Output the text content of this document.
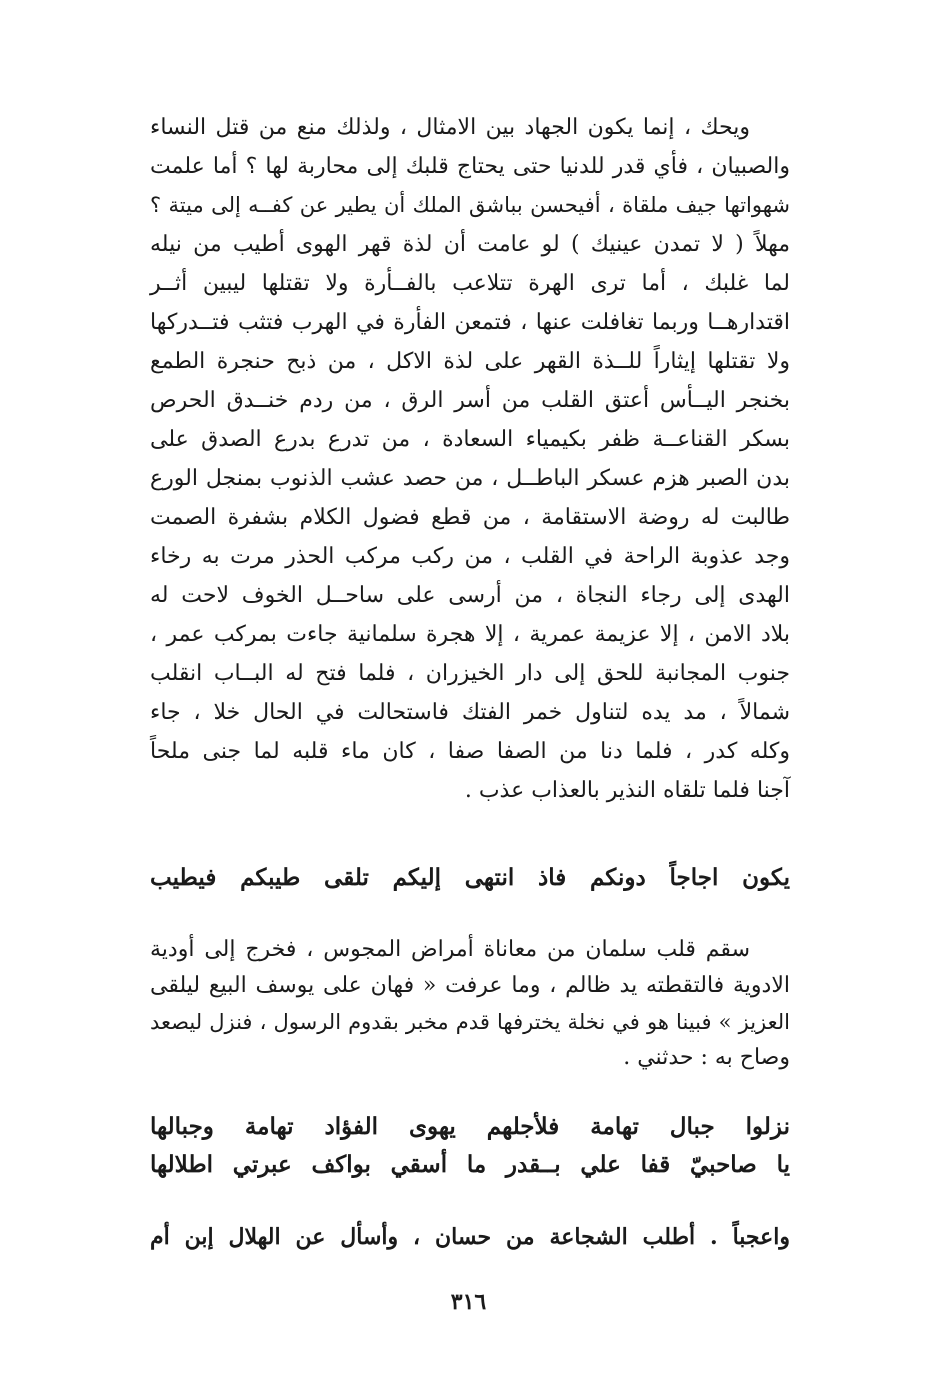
ويحك ، إنما يكون الجهاد بين الامثال ، ولذلك منع من قتل النساء
والصبيان ، فأي قدر للدنيا حتى يحتاج قلبك إلى محاربة لها ؟ أما علمت
شهواتها جيف ملقاة ، أفيحسن بباشق الملك أن يطير عن كفــه إلى ميتة ؟
مهلاً ( لا تمدن عينيك ) لو عامت أن لذة قهر الهوى أطيب من نيله
لما غلبك ، أما ترى الهرة تتلاعب بالفــأرة ولا تقتلها ليبين أثــر
اقتدارهــا وربما تغافلت عنها ، فتمعن الفأرة في الهرب فتثب فتــدركها
ولا تقتلها إيثاراً للــذة القهر على لذة الاكل ، من ذبح حنجرة الطمع
بخنجر اليــأس أعتق القلب من أسر الرق ، من ردم خنــدق الحرص
بسكر القناعــة ظفر بكيمياء السعادة ، من تدرع بدرع الصدق على
بدن الصبر هزم عسكر الباطــل ، من حصد عشب الذنوب بمنجل الورع
طالبت له روضة الاستقامة ، من قطع فضول الكلام بشفرة الصمت
وجد عذوبة الراحة في القلب ، من ركب مركب الحذر مرت به رخاء
الهدى إلى رجاء النجاة ، من أرسى على ساحــل الخوف لاحت له
بلاد الامن ، إلا عزيمة عمرية ، إلا هجرة سلمانية جاءت بمركب عمر ،
جنوب المجانبة للحق إلى دار الخيزران ، فلما فتح له البــاب انقلب
شمالاً ، مد يده لتناول خمر الفتك فاستحالت في الحال خلا ، جاء
وكله كدر ، فلما دنا من الصفا صفا ، كان ماء قلبه لما جنى ملحاً
آجنا فلما تلقاه النذير بالعذاب عذب .
يكون اجاجاً دونكم فاذ انتهى إليكم تلقى طيبكم فيطيب
سقم قلب سلمان من معاناة أمراض المجوس ، فخرج إلى أودية
الادوية فالتقطته يد ظالم ، وما عرفت « فهان على يوسف البيع ليلقى
العزيز » فبينا هو في نخلة يخترفها قدم مخبر بقدوم الرسول ، فنزل ليصعد
وصاح به : حدثني .
نزلوا جبال تهامة فلأجلهم يهوى الفؤاد تهامة وجبالها
يا صاحبيّ قفا علي بــقدر ما أسقي بواكف عبرتي اطلالها
واعجباً . أطلب الشجاعة من حسان ، وأسأل عن الهلال إبن أم
٣١٦
